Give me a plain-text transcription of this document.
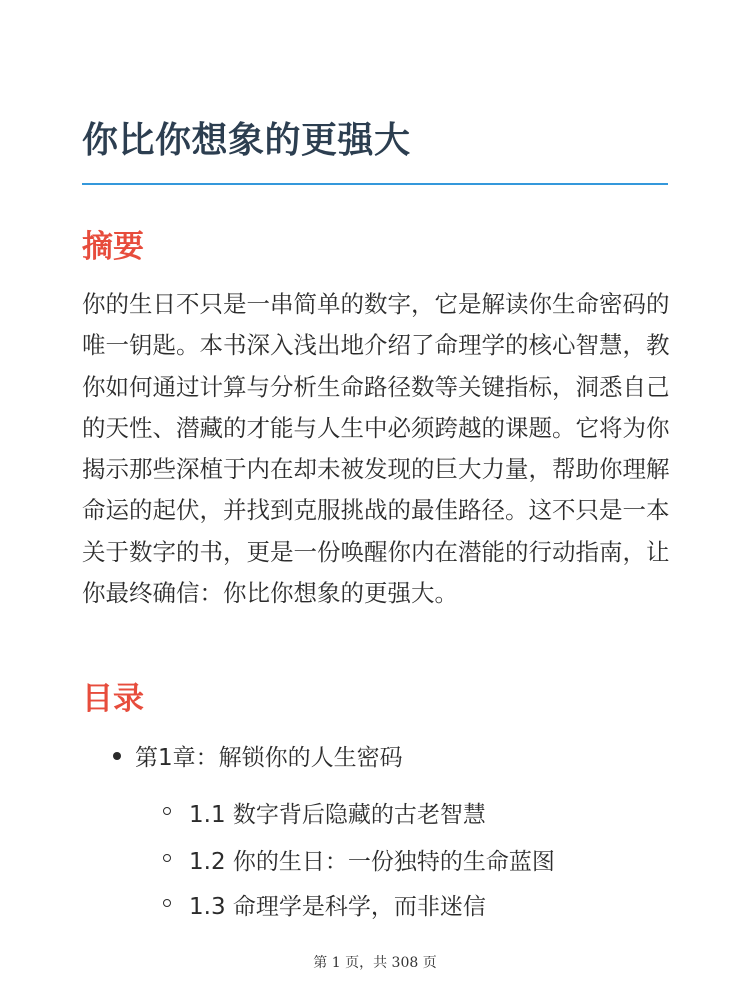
你比你想象的更强大
摘要

你的生日不只是一串简单的数字，它是解读你生命密码的唯一钥匙。本书深入浅出地介绍了命理学的核心智慧，教你如何通过计算与分析生命路径数等关键指标，洞悉自己的天性、潜藏的才能与人生中必须跨越的课题。它将为你揭示那些深植于内在却未被发现的巨大力量，帮助你理解命运的起伏，并找到克服挑战的最佳路径。这不只是一本关于数字的书，更是一份唤醒你内在潜能的行动指南，让你最终确信：你比你想象的更强大。

目录
第1章：解锁你的人生密码
1.1 数字背后隐藏的古老智慧
1.2 你的生日：一份独特的生命蓝图
1.3 命理学是科学，而非迷信
第 1 页，共 308 页
